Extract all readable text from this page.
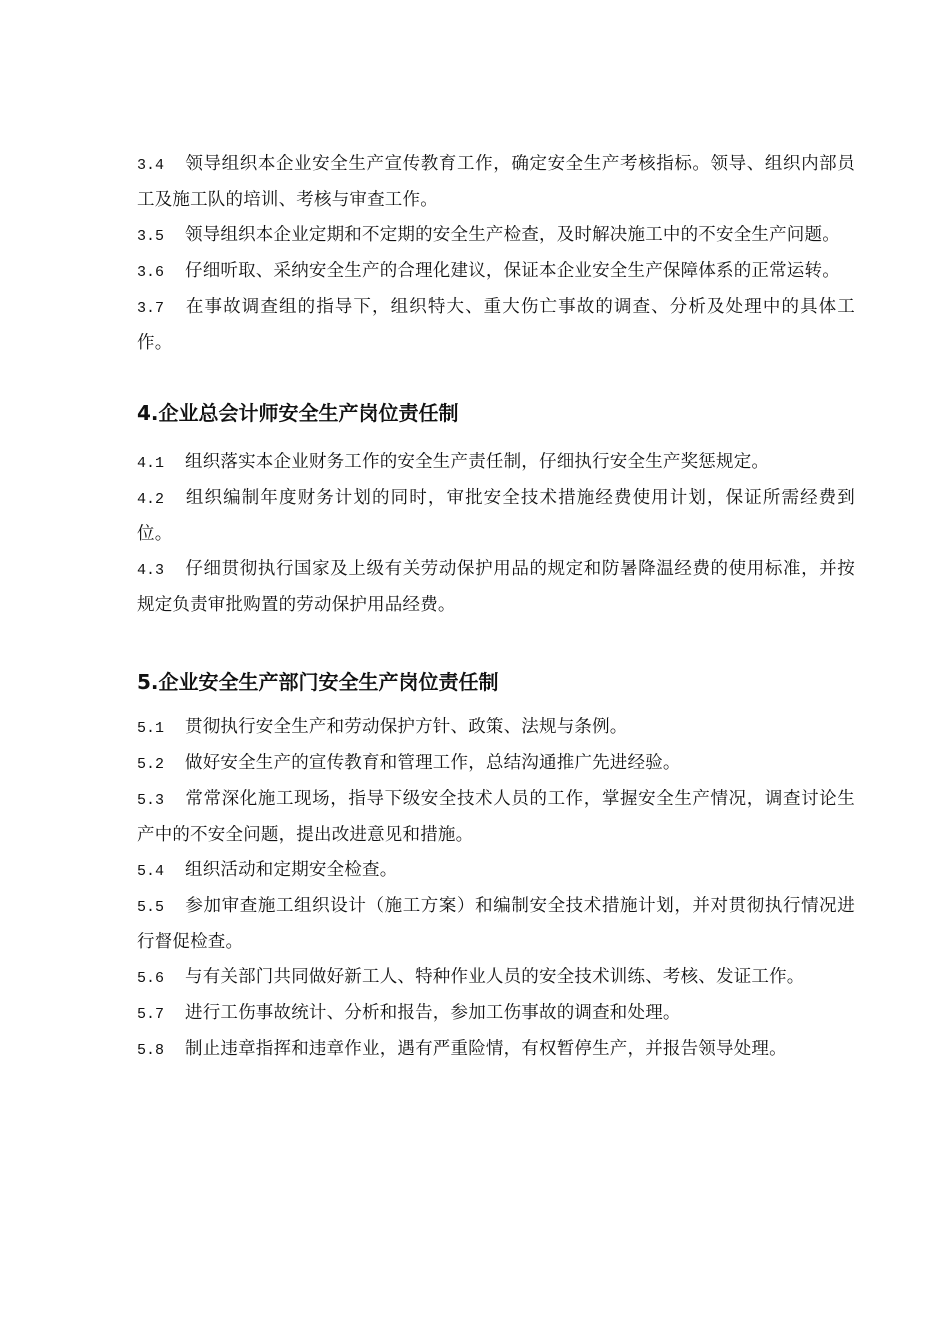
3.4 领导组织本企业安全生产宣传教育工作，确定安全生产考核指标。领导、组织内部员工及施工队的培训、考核与审查工作。

3.5 领导组织本企业定期和不定期的安全生产检查，及时解决施工中的不安全生产问题。

3.6 仔细听取、采纳安全生产的合理化建议，保证本企业安全生产保障体系的正常运转。

3.7 在事故调查组的指导下，组织特大、重大伤亡事故的调查、分析及处理中的具体工作。

4.企业总会计师安全生产岗位责任制

4.1 组织落实本企业财务工作的安全生产责任制，仔细执行安全生产奖惩规定。

4.2 组织编制年度财务计划的同时，审批安全技术措施经费使用计划，保证所需经费到位。

4.3 仔细贯彻执行国家及上级有关劳动保护用品的规定和防暑降温经费的使用标准，并按规定负责审批购置的劳动保护用品经费。

5.企业安全生产部门安全生产岗位责任制

5.1 贯彻执行安全生产和劳动保护方针、政策、法规与条例。

5.2 做好安全生产的宣传教育和管理工作，总结沟通推广先进经验。

5.3 常常深化施工现场，指导下级安全技术人员的工作，掌握安全生产情况，调查讨论生产中的不安全问题，提出改进意见和措施。

5.4 组织活动和定期安全检查。

5.5 参加审查施工组织设计（施工方案）和编制安全技术措施计划，并对贯彻执行情况进行督促检查。

5.6 与有关部门共同做好新工人、特种作业人员的安全技术训练、考核、发证工作。

5.7 进行工伤事故统计、分析和报告，参加工伤事故的调查和处理。

5.8 制止违章指挥和违章作业，遇有严重险情，有权暂停生产，并报告领导处理。
